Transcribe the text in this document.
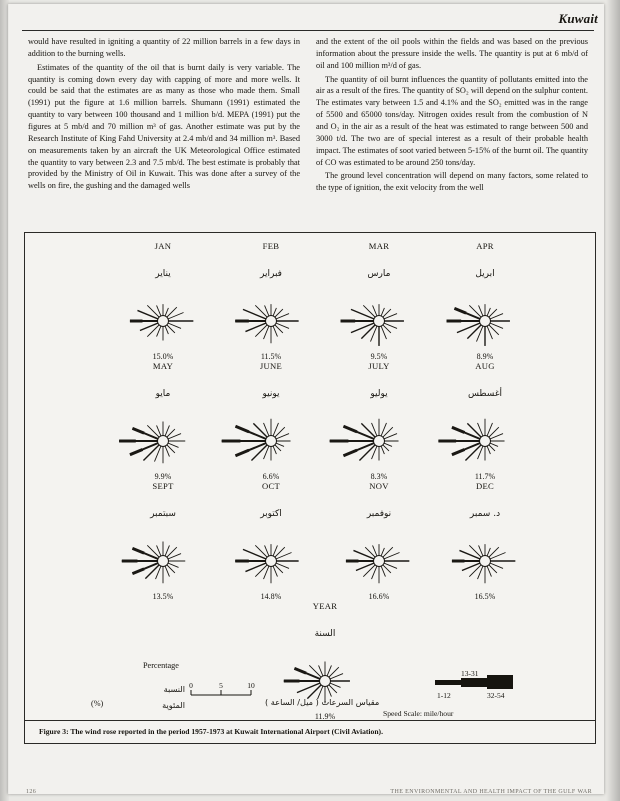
Kuwait

would have resulted in igniting a quantity of 22 million barrels in a few days in addition to the burning wells.

Estimates of the quantity of the oil that is burnt daily is very variable. The quantity is coming down every day with capping of more and more wells. It could be said that the estimates are as many as those who made them. Small (1991) put the figure at 1.6 million barrels. Shumann (1991) estimated the quantity to vary between 100 thousand and 1 million b/d. MEPA (1991) put the figures at 5 mb/d and 70 million m³ of gas. Another estimate was put by the Research Institute of King Fahd University at 2.4 mb/d and 34 million m³. Based on measurements taken by an aircraft the UK Meteorological Office estimated the quantity to vary between 2.3 and 7.5 mb/d. The best estimate is probably that provided by the Ministry of Oil in Kuwait. This was done after a survey of the wells on fire, the gushing and the damaged wells

and the extent of the oil pools within the fields and was based on the previous information about the pressure inside the wells. The quantity is put at 6 mb/d of oil and 100 million m³/d of gas.

The quantity of oil burnt influences the quantity of pollutants emitted into the air as a result of the fires. The quantity of SO₂ will depend on the sulphur content. The estimates vary between 1.5 and 4.1% and the SO₂ emitted was in the range of 5500 and 65000 tons/day. Nitrogen oxides result from the combustion of N and O₂ in the air as a result of the heat was estimated to range between 500 and 3000 t/d. The two are of special interest as a result of their probable health impact. The estimates of soot varied between 5-15% of the burnt oil. The quantity of CO was estimated to be around 250 tons/day.

The ground level concentration will depend on many factors, some related to the type of ignition, the exit velocity from the well

JAN
يناير
15.0%
FEB
فبراير
11.5%
MAR
مارس
9.5%
APR
ابريل
8.9%
MAY
مايو
9.9%
JUNE
يونيو
6.6%
JULY
يوليو
8.3%
AUG
أغسطس
11.7%
SEPT
سبتمبر
13.5%
OCT
اكتوبر
14.8%
NOV
نوفمبر
16.6%
DEC
د. سمبر
16.5%
YEAR
السنة
11.9%
Percentage
0	5	10
النسبة
المئوية
(%)	مقياس السرعات ( ميل/ الساعة )
13-31
1-12	32-54
Speed Scale: mile/hour
Figure 3: The wind rose reported in the period 1957-1973 at Kuwait International Airport (Civil Aviation).
126	THE ENVIRONMENTAL AND HEALTH IMPACT OF THE GULF WAR
